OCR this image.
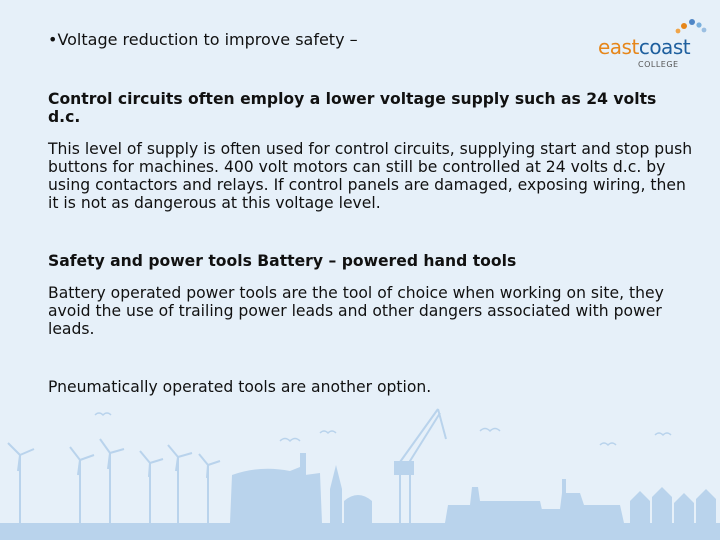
•Voltage reduction to improve safety –	eastcoast
COLLEGE

Control circuits often employ a lower voltage supply such as 24 volts d.c.

This level of supply is often used for control circuits, supplying start and stop push buttons for machines. 400 volt motors can still be controlled at 24 volts d.c. by using contactors and relays. If control panels are damaged, exposing wiring, then it is not as dangerous at this voltage level.

Safety and power tools Battery – powered hand tools

Battery operated power tools are the tool of choice when working on site, they avoid the use of trailing power leads and other dangers associated with power leads.

Pneumatically operated tools are another option.
